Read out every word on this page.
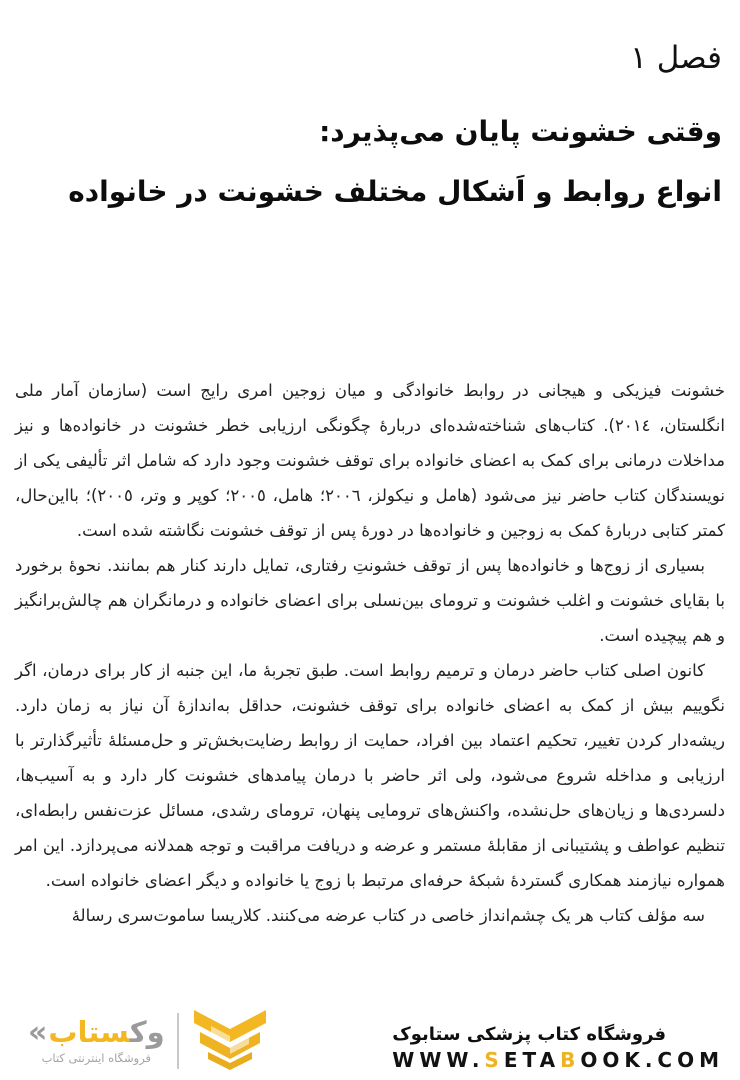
فصل ۱
وقتی خشونت پایان می‌پذیرد:
انواع روابط و اَشکال مختلف خشونت در خانواده

خشونت فیزیکی و هیجانی در روابط خانوادگی و میان زوجین امری رایج است (سازمان آمار ملی انگلستان، ٢٠١٤). کتاب‌های شناخته‌شده‌ای دربارهٔ چگونگی ارزیابی خطر خشونت در خانواده‌ها و نیز مداخلات درمانی برای کمک به اعضای خانواده برای توقف خشونت وجود دارد که شامل اثر تألیفی یکی از نویسندگان کتاب حاضر نیز می‌شود (هامل و نیکولز، ٢٠٠٦؛ هامل، ٢٠٠٥؛ کوپر و وتر، ٢٠٠٥)؛ بااین‌حال، کمتر کتابی دربارهٔ کمک به زوجین و خانواده‌ها در دورهٔ پس از توقف خشونت نگاشته شده است.

بسیاری از زوج‌ها و خانواده‌ها پس از توقف خشونتِ رفتاری، تمایل دارند کنار هم بمانند. نحوهٔ برخورد با بقایای خشونت و اغلب خشونت و ترومای بین‌نسلی برای اعضای خانواده و درمانگران هم چالش‌برانگیز و هم پیچیده است.

کانون اصلی کتاب حاضر درمان و ترمیم روابط است. طبق تجربهٔ ما، این جنبه از کار برای درمان، اگر نگوییم بیش از کمک به اعضای خانواده برای توقف خشونت، حداقل به‌اندازهٔ آن نیاز به زمان دارد. ریشه‌دار کردن تغییر، تحکیم اعتماد بین افراد، حمایت از روابط رضایت‌بخش‌تر و حل‌مسئلهٔ تأثیرگذارتر با ارزیابی و مداخله شروع می‌شود، ولی اثر حاضر با درمان پیامدهای خشونت کار دارد و به آسیب‌ها، دلسردی‌ها و زیان‌های حل‌نشده، واکنش‌های ترومایی پنهان، ترومای رشدی، مسائل عزت‌نفس رابطه‌ای، تنظیم عواطف و پشتیبانی از مقابلهٔ مستمر و عرضه و دریافت مراقبت و توجه همدلانه می‌پردازد. این امر همواره نیازمند همکاری گستردهٔ شبکهٔ حرفه‌ای مرتبط با زوج یا خانواده و دیگر اعضای خانواده است.

سه مؤلف کتاب هر یک چشم‌انداز خاصی در کتاب عرضه می‌کنند. کلاریسا ساموت‌سری رسالهٔ

«	وکستاب
فروشگاه اینترنتی کتاب
فروشگاه کتاب پزشکی ستابوک
WWW.SETABOOK.COM
